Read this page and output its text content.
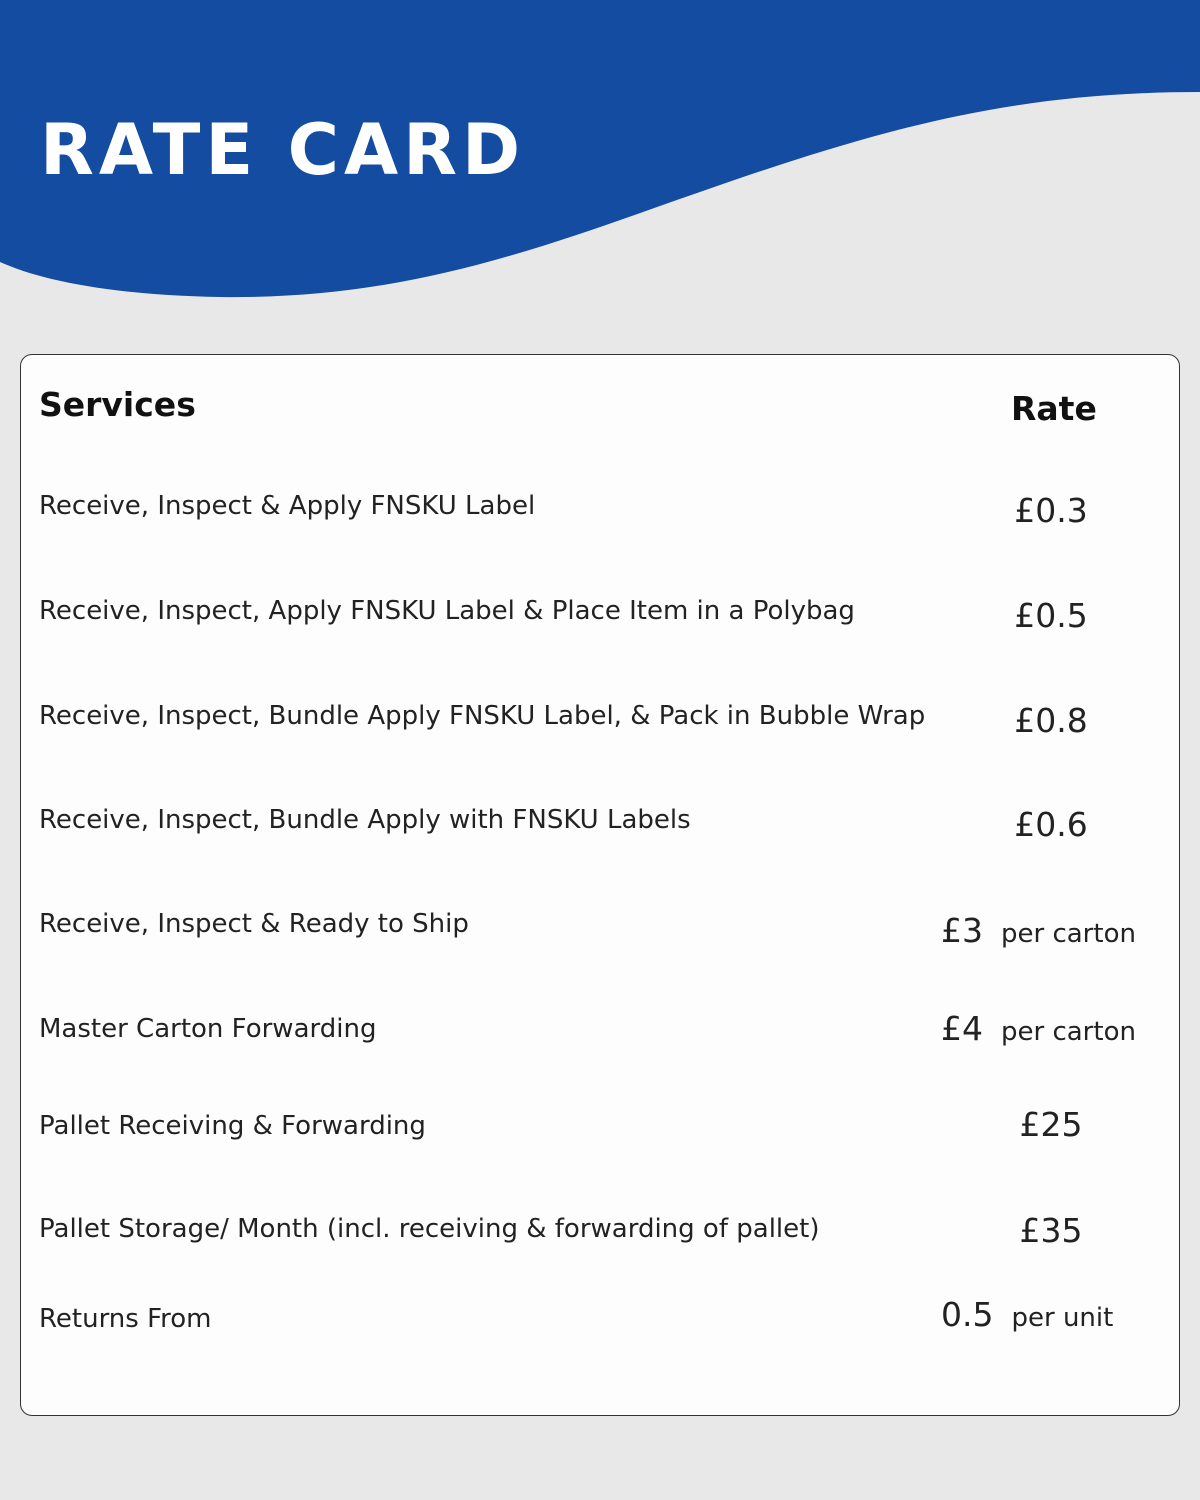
RATE CARD
Services	Rate
Receive, Inspect & Apply FNSKU Label	£0.3
Receive, Inspect, Apply FNSKU Label & Place Item in a Polybag	£0.5
Receive, Inspect, Bundle Apply FNSKU Label, & Pack in Bubble Wrap	£0.8
Receive, Inspect, Bundle Apply with FNSKU Labels	£0.6
Receive, Inspect & Ready to Ship	£3 per carton
Master Carton Forwarding	£4 per carton
Pallet Receiving & Forwarding	£25
Pallet Storage/ Month (incl. receiving & forwarding of pallet)	£35
Returns From	0.5 per unit
